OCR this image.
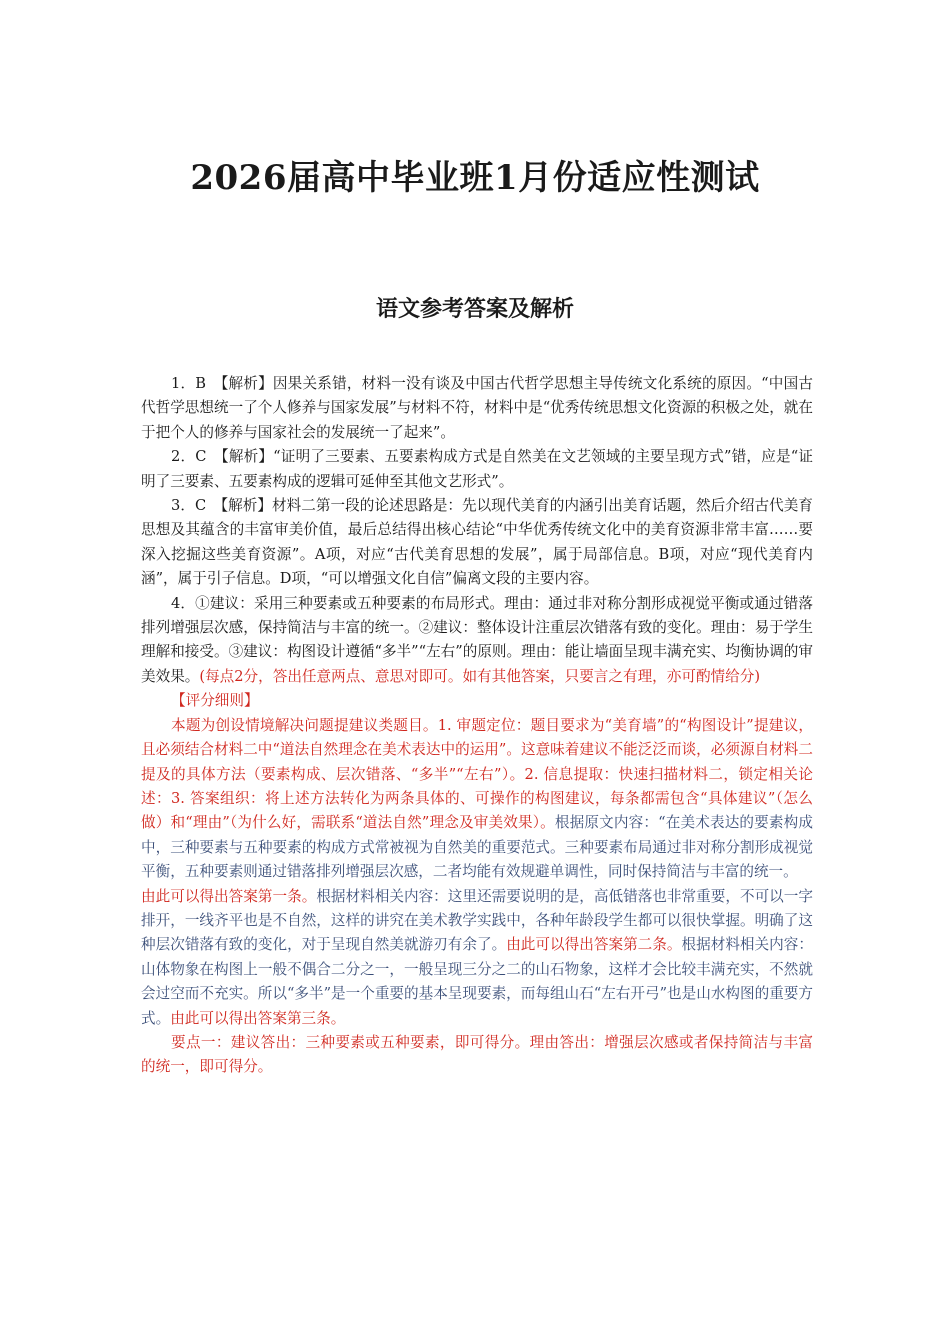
2026届高中毕业班1月份适应性测试
语文参考答案及解析

1．B　【解析】因果关系错，材料一没有谈及中国古代哲学思想主导传统文化系统的原因。“中国古代哲学思想统一了个人修养与国家发展”与材料不符，材料中是“优秀传统思想文化资源的积极之处，就在于把个人的修养与国家社会的发展统一了起来”。

2．C　【解析】“证明了三要素、五要素构成方式是自然美在文艺领域的主要呈现方式”错，应是“证明了三要素、五要素构成的逻辑可延伸至其他文艺形式”。

3．C　【解析】材料二第一段的论述思路是：先以现代美育的内涵引出美育话题，然后介绍古代美育思想及其蕴含的丰富审美价值，最后总结得出核心结论“中华优秀传统文化中的美育资源非常丰富……要深入挖掘这些美育资源”。A项，对应“古代美育思想的发展”，属于局部信息。B项，对应“现代美育内涵”，属于引子信息。D项，“可以增强文化自信”偏离文段的主要内容。

4．①建议：采用三种要素或五种要素的布局形式。理由：通过非对称分割形成视觉平衡或通过错落排列增强层次感，保持简洁与丰富的统一。②建议：整体设计注重层次错落有致的变化。理由：易于学生理解和接受。③建议：构图设计遵循“多半”“左右”的原则。理由：能让墙面呈现丰满充实、均衡协调的审美效果。(每点2分，答出任意两点、意思对即可。如有其他答案，只要言之有理，亦可酌情给分)

【评分细则】

本题为创设情境解决问题提建议类题目。1. 审题定位：题目要求为“美育墙”的“构图设计”提建议，且必须结合材料二中“道法自然理念在美术表达中的运用”。这意味着建议不能泛泛而谈，必须源自材料二提及的具体方法（要素构成、层次错落、“多半”“左右”）。2. 信息提取：快速扫描材料二，锁定相关论述：3. 答案组织：将上述方法转化为两条具体的、可操作的构图建议，每条都需包含“具体建议”（怎么做）和“理由”（为什么好，需联系“道法自然”理念及审美效果）。根据原文内容：“在美术表达的要素构成中，三种要素与五种要素的构成方式常被视为自然美的重要范式。三种要素布局通过非对称分割形成视觉平衡，五种要素则通过错落排列增强层次感，二者均能有效规避单调性，同时保持简洁与丰富的统一。

由此可以得出答案第一条。根据材料相关内容：这里还需要说明的是，高低错落也非常重要，不可以一字排开，一线齐平也是不自然，这样的讲究在美术教学实践中，各种年龄段学生都可以很快掌握。明确了这种层次错落有致的变化，对于呈现自然美就游刃有余了。由此可以得出答案第二条。根据材料相关内容：山体物象在构图上一般不偶合二分之一，一般呈现三分之二的山石物象，这样才会比较丰满充实，不然就会过空而不充实。所以“多半”是一个重要的基本呈现要素，而每组山石“左右开弓”也是山水构图的重要方式。由此可以得出答案第三条。

要点一：建议答出：三种要素或五种要素，即可得分。理由答出：增强层次感或者保持简洁与丰富的统一，即可得分。
